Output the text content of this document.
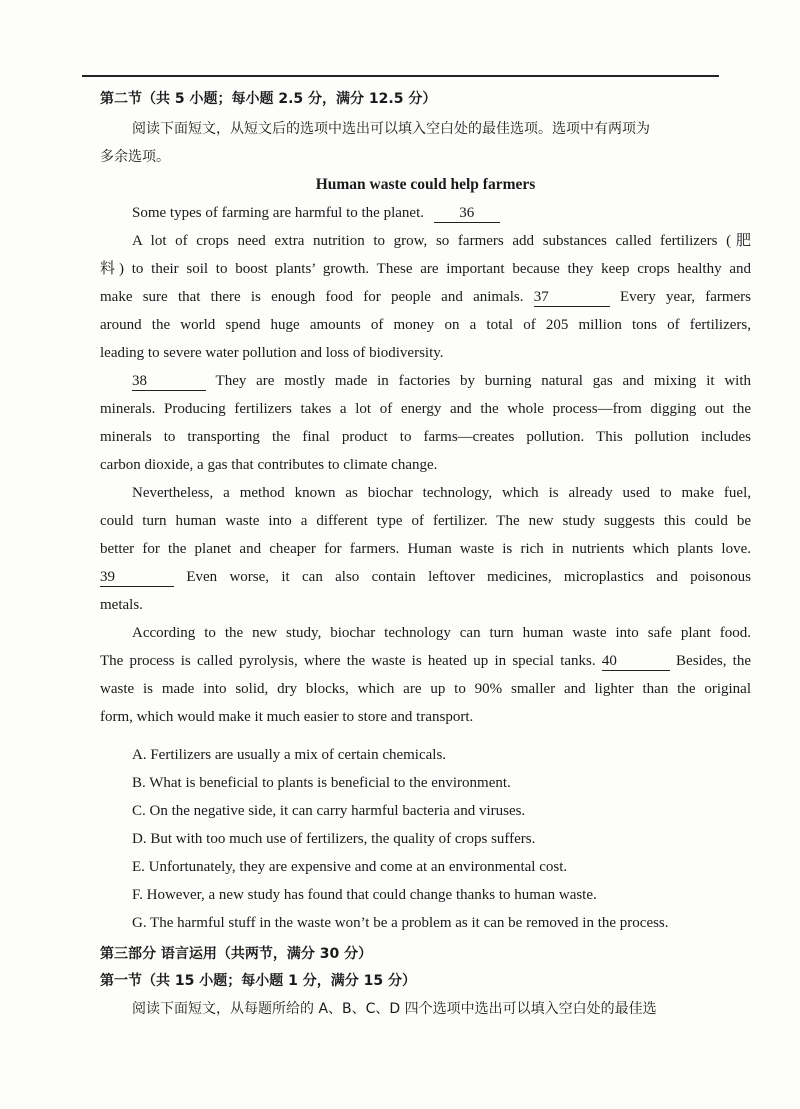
第二节（共 5 小题；每小题 2.5 分，满分 12.5 分）
阅读下面短文，从短文后的选项中选出可以填入空白处的最佳选项。选项中有两项为
多余选项。
Human waste could help farmers
Some types of farming are harmful to the planet. 36
A lot of crops need extra nutrition to grow, so farmers add substances called fertilizers (肥
料) to their soil to boost plants’ growth. These are important because they keep crops healthy and
make sure that there is enough food for people and animals. 37	Every year, farmers
around the world spend huge amounts of money on a total of 205 million tons of fertilizers,
leading to severe water pollution and loss of biodiversity.
38	They are mostly made in factories by burning natural gas and mixing it with
minerals. Producing fertilizers takes a lot of energy and the whole process—from digging out the
minerals to transporting the final product to farms—creates pollution. This pollution includes
carbon dioxide, a gas that contributes to climate change.
Nevertheless, a method known as biochar technology, which is already used to make fuel,
could turn human waste into a different type of fertilizer. The new study suggests this could be
better for the planet and cheaper for farmers. Human waste is rich in nutrients which plants love.
39	Even worse, it can also contain leftover medicines, microplastics and poisonous
metals.
According to the new study, biochar technology can turn human waste into safe plant food.
The process is called pyrolysis, where the waste is heated up in special tanks. 40	Besides, the
waste is made into solid, dry blocks, which are up to 90% smaller and lighter than the original
form, which would make it much easier to store and transport.
A. Fertilizers are usually a mix of certain chemicals.
B. What is beneficial to plants is beneficial to the environment.
C. On the negative side, it can carry harmful bacteria and viruses.
D. But with too much use of fertilizers, the quality of crops suffers.
E. Unfortunately, they are expensive and come at an environmental cost.
F. However, a new study has found that could change thanks to human waste.
G. The harmful stuff in the waste won’t be a problem as it can be removed in the process.
第三部分 语言运用（共两节，满分 30 分）
第一节（共 15 小题；每小题 1 分，满分 15 分）
阅读下面短文，从每题所给的 A、B、C、D 四个选项中选出可以填入空白处的最佳选
